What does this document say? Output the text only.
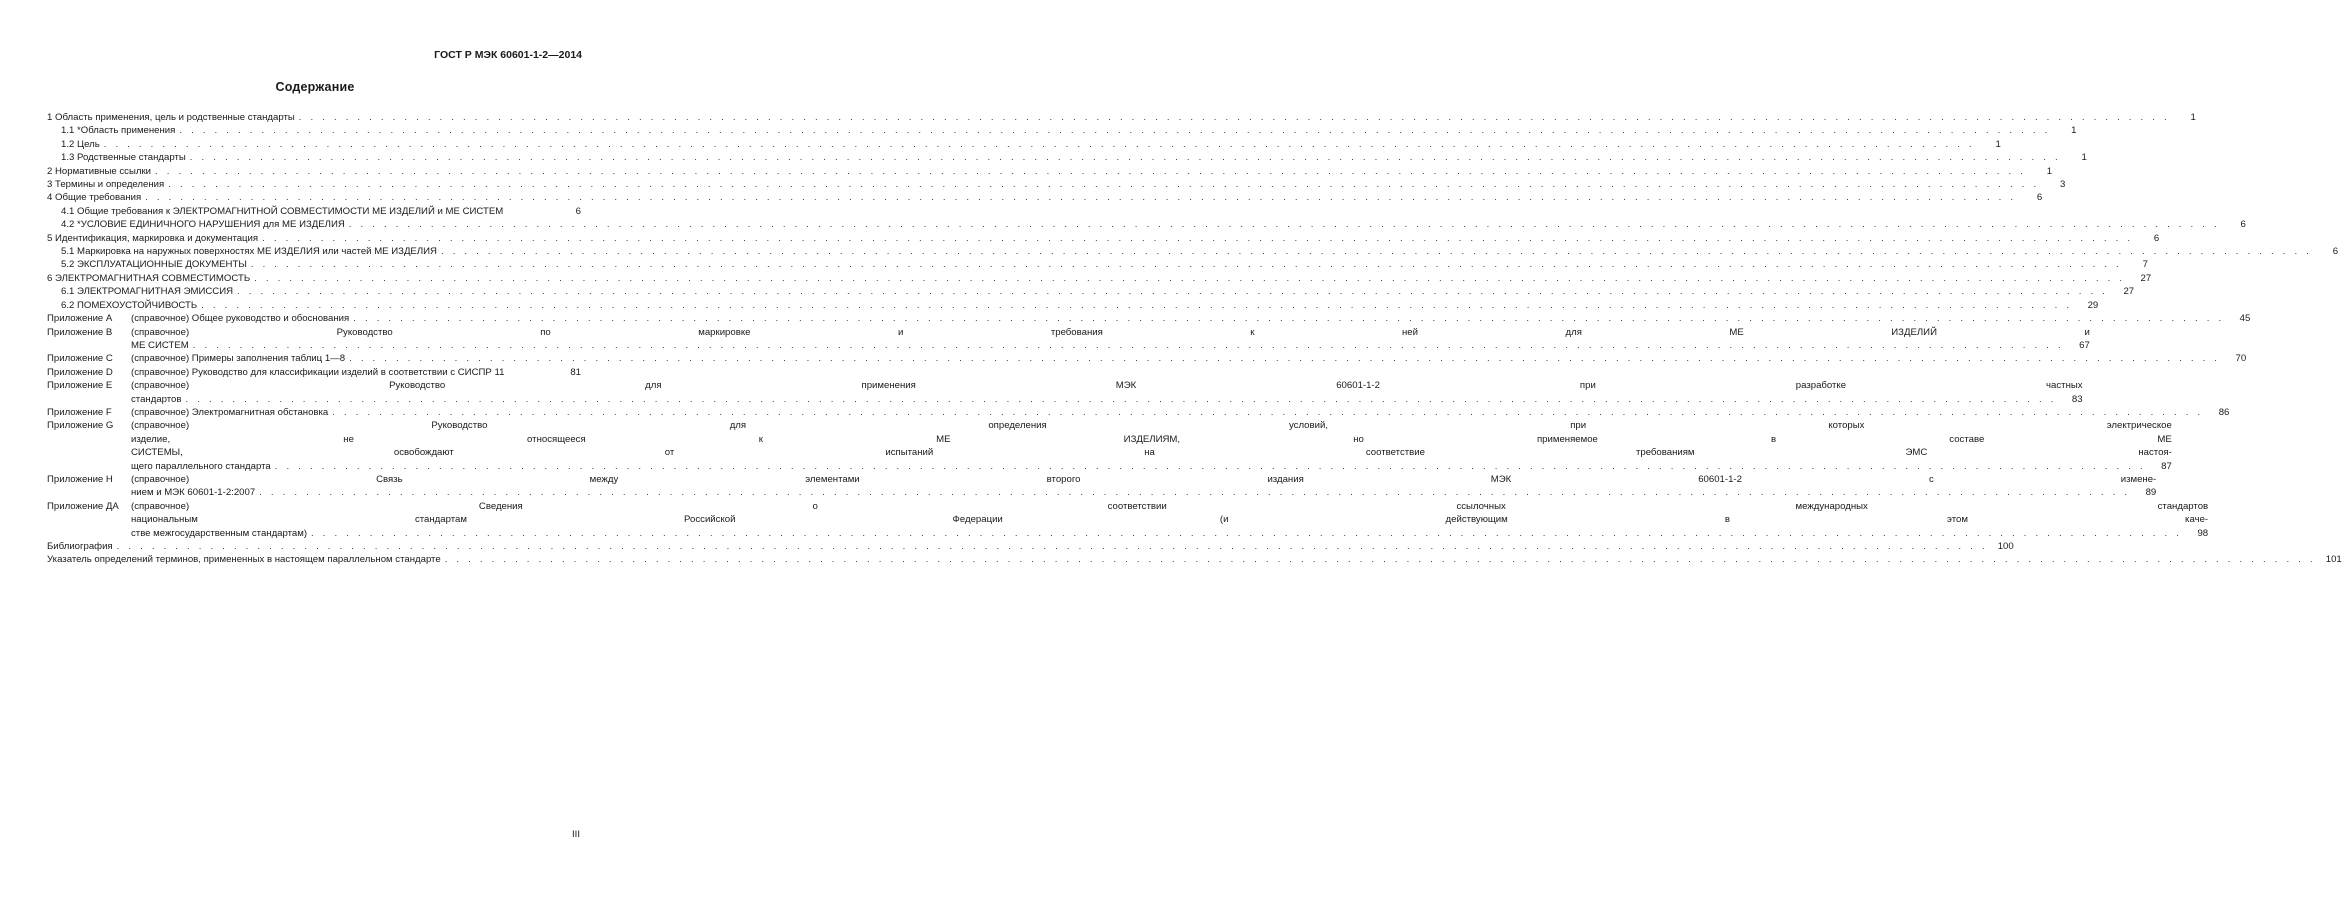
ГОСТ Р МЭК 60601-1-2—2014
Содержание
1 Область применения, цель и родственные стандарты . . . . . . . . . . . . . . . . . . . . . . . . . . . . . . . . . . . . . . . . . . . . . . . . . . . . . . . . . . . . . . . . . . . . . . . . . . . . . . . . . . . . . . . . . . . . . . . . . . . . . . . . . . . . . . . . . . . . . . . . . . . . . . . . . . . . . . . . . . . . . . . . . . . . . . . . . . . . . . . .	1
1.1 *Область применения . . . . . . . . . . . . . . . . . . . . . . . . . . . . . . . . . . . . . . . . . . . . . . . . . . . . . . . . . . . . . . . . . . . . . . . . . . . . . . . . . . . . . . . . . . . . . . . . . . . . . . . . . . . . . . . . . . . . . . . . . . . . . . . . . . . . . . . . . . . . . . . . . . . . . . . . . . . . . . . .	1
1.2 Цель . . . . . . . . . . . . . . . . . . . . . . . . . . . . . . . . . . . . . . . . . . . . . . . . . . . . . . . . . . . . . . . . . . . . . . . . . . . . . . . . . . . . . . . . . . . . . . . . . . . . . . . . . . . . . . . . . . . . . . . . . . . . . . . . . . . . . . . . . . . . . . . . . . . . . . . . . . . . . . . .	1
1.3 Родственные стандарты . . . . . . . . . . . . . . . . . . . . . . . . . . . . . . . . . . . . . . . . . . . . . . . . . . . . . . . . . . . . . . . . . . . . . . . . . . . . . . . . . . . . . . . . . . . . . . . . . . . . . . . . . . . . . . . . . . . . . . . . . . . . . . . . . . . . . . . . . . . . . . . . . . . . . . . . . . . . . . . .	1
2 Нормативные ссылки . . . . . . . . . . . . . . . . . . . . . . . . . . . . . . . . . . . . . . . . . . . . . . . . . . . . . . . . . . . . . . . . . . . . . . . . . . . . . . . . . . . . . . . . . . . . . . . . . . . . . . . . . . . . . . . . . . . . . . . . . . . . . . . . . . . . . . . . . . . . . . . . . . . . . . . . . . . . . . . .	1
3 Термины и определения . . . . . . . . . . . . . . . . . . . . . . . . . . . . . . . . . . . . . . . . . . . . . . . . . . . . . . . . . . . . . . . . . . . . . . . . . . . . . . . . . . . . . . . . . . . . . . . . . . . . . . . . . . . . . . . . . . . . . . . . . . . . . . . . . . . . . . . . . . . . . . . . . . . . . . . . . . . . . . . .	3
4 Общие требования . . . . . . . . . . . . . . . . . . . . . . . . . . . . . . . . . . . . . . . . . . . . . . . . . . . . . . . . . . . . . . . . . . . . . . . . . . . . . . . . . . . . . . . . . . . . . . . . . . . . . . . . . . . . . . . . . . . . . . . . . . . . . . . . . . . . . . . . . . . . . . . . . . . . . . . . . . . . . . . .	6
4.1 Общие требования к ЭЛЕКТРОМАГНИТНОЙ СОВМЕСТИМОСТИ МЕ ИЗДЕЛИЙ и МЕ СИСТЕМ	6
4.2 *УСЛОВИЕ ЕДИНИЧНОГО НАРУШЕНИЯ для МЕ ИЗДЕЛИЯ . . . . . . . . . . . . . . . . . . . . . . . . . . . . . . . . . . . . . . . . . . . . . . . . . . . . . . . . . . . . . . . . . . . . . . . . . . . . . . . . . . . . . . . . . . . . . . . . . . . . . . . . . . . . . . . . . . . . . . . . . . . . . . . . . . . . . . . . . . . . . . . . . . . . . . . . . . . . . . . .	6
5 Идентификация, маркировка и документация . . . . . . . . . . . . . . . . . . . . . . . . . . . . . . . . . . . . . . . . . . . . . . . . . . . . . . . . . . . . . . . . . . . . . . . . . . . . . . . . . . . . . . . . . . . . . . . . . . . . . . . . . . . . . . . . . . . . . . . . . . . . . . . . . . . . . . . . . . . . . . . . . . . . . . . . . . . . . . . .	6
5.1 Маркировка на наружных поверхностях МЕ ИЗДЕЛИЯ или частей МЕ ИЗДЕЛИЯ . . . . . . . . . . . . . . . . . . . . . . . . . . . . . . . . . . . . . . . . . . . . . . . . . . . . . . . . . . . . . . . . . . . . . . . . . . . . . . . . . . . . . . . . . . . . . . . . . . . . . . . . . . . . . . . . . . . . . . . . . . . . . . . . . . . . . . . . . . . . . . . . . . . . . . . . . . . . . . . .	6
5.2 ЭКСПЛУАТАЦИОННЫЕ ДОКУМЕНТЫ . . . . . . . . . . . . . . . . . . . . . . . . . . . . . . . . . . . . . . . . . . . . . . . . . . . . . . . . . . . . . . . . . . . . . . . . . . . . . . . . . . . . . . . . . . . . . . . . . . . . . . . . . . . . . . . . . . . . . . . . . . . . . . . . . . . . . . . . . . . . . . . . . . . . . . . . . . . . . . . .	7
6 ЭЛЕКТРОМАГНИТНАЯ СОВМЕСТИМОСТЬ . . . . . . . . . . . . . . . . . . . . . . . . . . . . . . . . . . . . . . . . . . . . . . . . . . . . . . . . . . . . . . . . . . . . . . . . . . . . . . . . . . . . . . . . . . . . . . . . . . . . . . . . . . . . . . . . . . . . . . . . . . . . . . . . . . . . . . . . . . . . . . . . . . . . . . . . . . . . . . . .	27
6.1 ЭЛЕКТРОМАГНИТНАЯ ЭМИССИЯ . . . . . . . . . . . . . . . . . . . . . . . . . . . . . . . . . . . . . . . . . . . . . . . . . . . . . . . . . . . . . . . . . . . . . . . . . . . . . . . . . . . . . . . . . . . . . . . . . . . . . . . . . . . . . . . . . . . . . . . . . . . . . . . . . . . . . . . . . . . . . . . . . . . . . . . . . . . . . . . .	27
6.2 ПОМЕХОУСТОЙЧИВОСТЬ . . . . . . . . . . . . . . . . . . . . . . . . . . . . . . . . . . . . . . . . . . . . . . . . . . . . . . . . . . . . . . . . . . . . . . . . . . . . . . . . . . . . . . . . . . . . . . . . . . . . . . . . . . . . . . . . . . . . . . . . . . . . . . . . . . . . . . . . . . . . . . . . . . . . . . . . . . . . . . . .	29
Приложение А	(справочное) Общее руководство и обоснования . . . . . . . . . . . . . . . . . . . . . . . . . . . . . . . . . . . . . . . . . . . . . . . . . . . . . . . . . . . . . . . . . . . . . . . . . . . . . . . . . . . . . . . . . . . . . . . . . . . . . . . . . . . . . . . . . . . . . . . . . . . . . . . . . . . . . . . . . . . . . . . . . . . . . . . . . . . . . . . .	45
Приложение В	(справочное) Руководство по маркировке и требования к ней для МЕ ИЗДЕЛИЙ и
МЕ СИСТЕМ . . . . . . . . . . . . . . . . . . . . . . . . . . . . . . . . . . . . . . . . . . . . . . . . . . . . . . . . . . . . . . . . . . . . . . . . . . . . . . . . . . . . . . . . . . . . . . . . . . . . . . . . . . . . . . . . . . . . . . . . . . . . . . . . . . . . . . . . . . . . . . . . . . . . . . . . . . . . . . . .	67
Приложение С	(справочное) Примеры заполнения таблиц 1—8 . . . . . . . . . . . . . . . . . . . . . . . . . . . . . . . . . . . . . . . . . . . . . . . . . . . . . . . . . . . . . . . . . . . . . . . . . . . . . . . . . . . . . . . . . . . . . . . . . . . . . . . . . . . . . . . . . . . . . . . . . . . . . . . . . . . . . . . . . . . . . . . . . . . . . . . . . . . . . . . .	70
Приложение D	(справочное) Руководство для классификации изделий в соответствии с СИСПР 11	81
Приложение Е	(справочное) Руководство для применения МЭК 60601-1-2 при разработке частных
стандартов . . . . . . . . . . . . . . . . . . . . . . . . . . . . . . . . . . . . . . . . . . . . . . . . . . . . . . . . . . . . . . . . . . . . . . . . . . . . . . . . . . . . . . . . . . . . . . . . . . . . . . . . . . . . . . . . . . . . . . . . . . . . . . . . . . . . . . . . . . . . . . . . . . . . . . . . . . . . . . . .	83
Приложение F	(справочное) Электромагнитная обстановка . . . . . . . . . . . . . . . . . . . . . . . . . . . . . . . . . . . . . . . . . . . . . . . . . . . . . . . . . . . . . . . . . . . . . . . . . . . . . . . . . . . . . . . . . . . . . . . . . . . . . . . . . . . . . . . . . . . . . . . . . . . . . . . . . . . . . . . . . . . . . . . . . . . . . . . . . . . . . . . .	86
Приложение G	(справочное) Руководство для определения условий, при которых электрическое
изделие, не относящееся к МЕ ИЗДЕЛИЯМ, но применяемое в составе МЕ
СИСТЕМЫ, освобождают от испытаний на соответствие требованиям ЭМС настоя-
щего параллельного стандарта . . . . . . . . . . . . . . . . . . . . . . . . . . . . . . . . . . . . . . . . . . . . . . . . . . . . . . . . . . . . . . . . . . . . . . . . . . . . . . . . . . . . . . . . . . . . . . . . . . . . . . . . . . . . . . . . . . . . . . . . . . . . . . . . . . . . . . . . . . . . . . . . . . . . . . . . . . . . . . . .	87
Приложение Н	(справочное) Связь между элементами второго издания МЭК 60601-1-2 с измене-
нием и МЭК 60601-1-2:2007 . . . . . . . . . . . . . . . . . . . . . . . . . . . . . . . . . . . . . . . . . . . . . . . . . . . . . . . . . . . . . . . . . . . . . . . . . . . . . . . . . . . . . . . . . . . . . . . . . . . . . . . . . . . . . . . . . . . . . . . . . . . . . . . . . . . . . . . . . . . . . . . . . . . . . . . . . . . . . . . .	89
Приложение ДА	(справочное) Сведения о соответствии ссылочных международных стандартов
национальным стандартам Российской Федерации (и действующим в этом каче-
стве межгосударственным стандартам) . . . . . . . . . . . . . . . . . . . . . . . . . . . . . . . . . . . . . . . . . . . . . . . . . . . . . . . . . . . . . . . . . . . . . . . . . . . . . . . . . . . . . . . . . . . . . . . . . . . . . . . . . . . . . . . . . . . . . . . . . . . . . . . . . . . . . . . . . . . . . . . . . . . . . . . . . . . . . . . .	98
Библиография . . . . . . . . . . . . . . . . . . . . . . . . . . . . . . . . . . . . . . . . . . . . . . . . . . . . . . . . . . . . . . . . . . . . . . . . . . . . . . . . . . . . . . . . . . . . . . . . . . . . . . . . . . . . . . . . . . . . . . . . . . . . . . . . . . . . . . . . . . . . . . . . . . . . . . . . . . . . . . . .	100
Указатель определений терминов, примененных в настоящем параллельном стандарте . . . . . . . . . . . . . . . . . . . . . . . . . . . . . . . . . . . . . . . . . . . . . . . . . . . . . . . . . . . . . . . . . . . . . . . . . . . . . . . . . . . . . . . . . . . . . . . . . . . . . . . . . . . . . . . . . . . . . . . . . . . . . . . . . . . . . . . . . . . . . . . . . . . . . . . . . . . . . . . .	101
III
